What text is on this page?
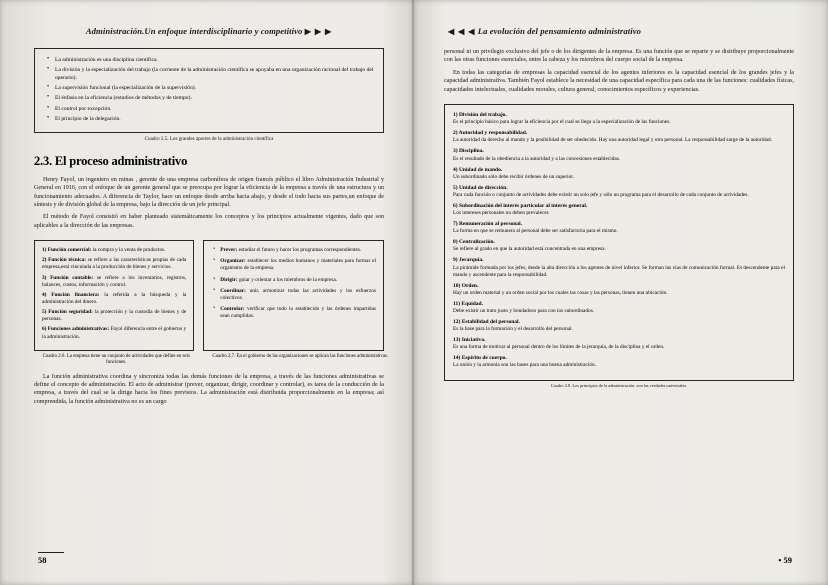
Administración.Un enfoque interdisciplinario y competitivo ▶ ▶ ▶
• La administración es una disciplina científica.
• La división y la especialización del trabajo (la corriente de la administración científica se apoyaba en una organización racional del trabajo del operario).
• La supervisión funcional (la especialización de la supervisión).
• El énfasis en la eficiencia (estudios de métodos y de tiempo).
• El control por excepción.
• El principio de la delegación.
Cuadro 2.5. Los grandes aportes de la administración científica
2.3. El proceso administrativo

Henry Fayol, un ingeniero en minas , gerente de una empresa carbonífera de origen francés público el libro Administración Industrial y General en 1916, con el enfoque de un gerente general que se preocupa por lograr la eficiencia de la empresa a través de una estructura y un funcionamiento adecuados. A diferencia de Taylor, hace un enfoque desde arriba hacia abajo, y desde el todo hacia sus partes,un enfoque de síntesis y de división global de la empresa, bajo la dirección de un jefe principal.

El método de Fayol consistió en haber planteado sistemáticamente los conceptos y los principios actualmente vigentes, dado que son aplicables a la dirección de las empresas.

1) Función comercial: la compra y la venta de productos.
2) Función técnica: se refiere a las características propias de cada empresa,está vinculada a la producción de bienes y servicios.
3) Función contable: se refiere a los inventarios, registros, balances, costos, información y control.
4) Función financiera: la referida a la búsqueda y la administración del dinero.
5) Función seguridad: la protección y la custodia de bienes y de personas.
6) Funciones administrativas: Fayol diferencia entre el gobierno y la administración.
• Prever: estudiar el futuro y hacer los programas correspondientes.
• Organizar: establecer los medios humanos y materiales para formar el organismo de la empresa.
• Dirigir: guiar y orientar a los miembros de la empresa.
• Coordinar: unir, armonizar todas las actividades y los esfuerzos colectivos.
• Controlar: verificar que todo lo establecido y las órdenes impartidas sean cumplidas.
Cuadro 2.6. La empresa tiene un conjunto de actividades que define en seis funciones.
Cuadro 2.7. En el gobierno de las organizaciones se aplican las funciones administrativas.

La función administrativa coordina y sincroniza todas las demás funciones de la empresa, a través de las funciones administrativas se define el concepto de administración. El acto de administrar (prever, organizar, dirigir, coordinar y controlar), es tarea de la conducción de la empresa, a través del cual se la dirige hacia los fines previstos. La administración está distribuida proporcionalmente en la empresa; así comprendida, la función administrativa no es un cargo

58
◀ ◀ ◀ La evolución del pensamiento administrativo

personal ni un privilegio exclusivo del jefe o de los dirigentes de la empresa. Es una función que se reparte y se distribuye proporcionalmente con las otras funciones esenciales, entre la cabeza y los miembros del cuerpo social de la empresa.

En todas las categorías de empresas la capacidad esencial de los agentes inferiores es la capacidad esencial de los grandes jefes y la capacidad administrativa. También Fayol establece la necesidad de una capacidad específica para cada una de las funciones: cualidades físicas, capacidades intelectuales, cualidades morales, cultura general, conocimientos específicos y experiencias.

1) División del trabajo.
Es el principio básico para lograr la eficiencia por el cual se llega a la especialización de las funciones.
2) Autoridad y responsabilidad.
La autoridad da derecho al mando y la posibilidad de ser obedecido. Hay una autoridad legal y otra personal. La responsabilidad surge de la autoridad.
3) Disciplina.
Es el resultado de la obediencia a la autoridad y a las concesiones establecidas.
4) Unidad de mando.
Un subordinado sólo debe recibir órdenes de un superior.
5) Unidad de dirección.
Para cada función o conjunto de actividades debe existir un solo jefe y sólo un programa para el desarrollo de cada conjunto de actividades.
6) Subordinación del interés particular al interés general.
Los intereses personales no deben prevalecer.
7) Remuneración al personal.
La forma en que se remunera al personal debe ser satisfactoria para el mismo.
8) Centralización.
Se refiere al grado en que la autoridad está concentrada en una empresa.
9) Jerarquía.
La pirámide formada por los jefes, desde la alta dirección a los agentes de nivel inferior. Se forman las vías de comunicación formal. Es descendente para el mando y ascendente para la responsabilidad.
10) Orden.
Hay un orden material y un orden social por los cuales las cosas y las personas, tienen una ubicación.
11) Equidad.
Debe existir un trato justo y bondadoso para con los subordinados.
12) Estabilidad del personal.
Es la base para la formación y el desarrollo del personal.
13) Iniciativa.
Es una forma de motivar al personal dentro de los límites de la jerarquía, de la disciplina y el orden.
14) Espíritu de cuerpo.
La unión y la armonía son las bases para una buena administración.
Cuadro 2.8. Los principios de la administración. son las verdades universales.
• 59
